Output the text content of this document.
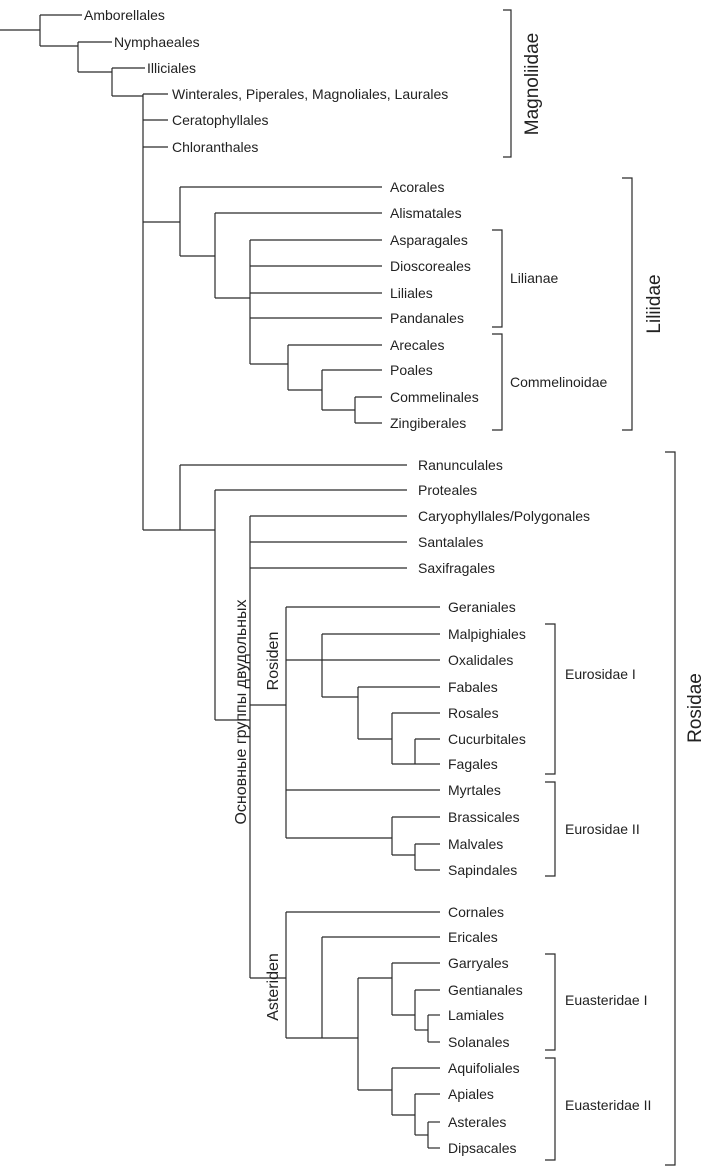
Amborellales
Nymphaeales
Illiciales
Winterales, Piperales, Magnoliales, Laurales
Ceratophyllales
Chloranthales
Acorales
Alismatales
Asparagales
Dioscoreales
Liliales
Pandanales
Arecales
Poales
Commelinales
Zingiberales
Ranunculales
Proteales
Caryophyllales/Polygonales
Santalales
Saxifragales
Geraniales
Malpighiales
Oxalidales
Fabales
Rosales
Cucurbitales
Fagales
Myrtales
Brassicales
Malvales
Sapindales
Cornales
Ericales
Garryales
Gentianales
Lamiales
Solanales
Aquifoliales
Apiales
Asterales
Dipsacales
Magnoliidae
Liliidae
Rosidae
Lilianae
Commelinoidae
Eurosidae I
Eurosidae II
Euasteridae I
Euasteridae II
Основные группы двудольных Rosiden
Asteriden
